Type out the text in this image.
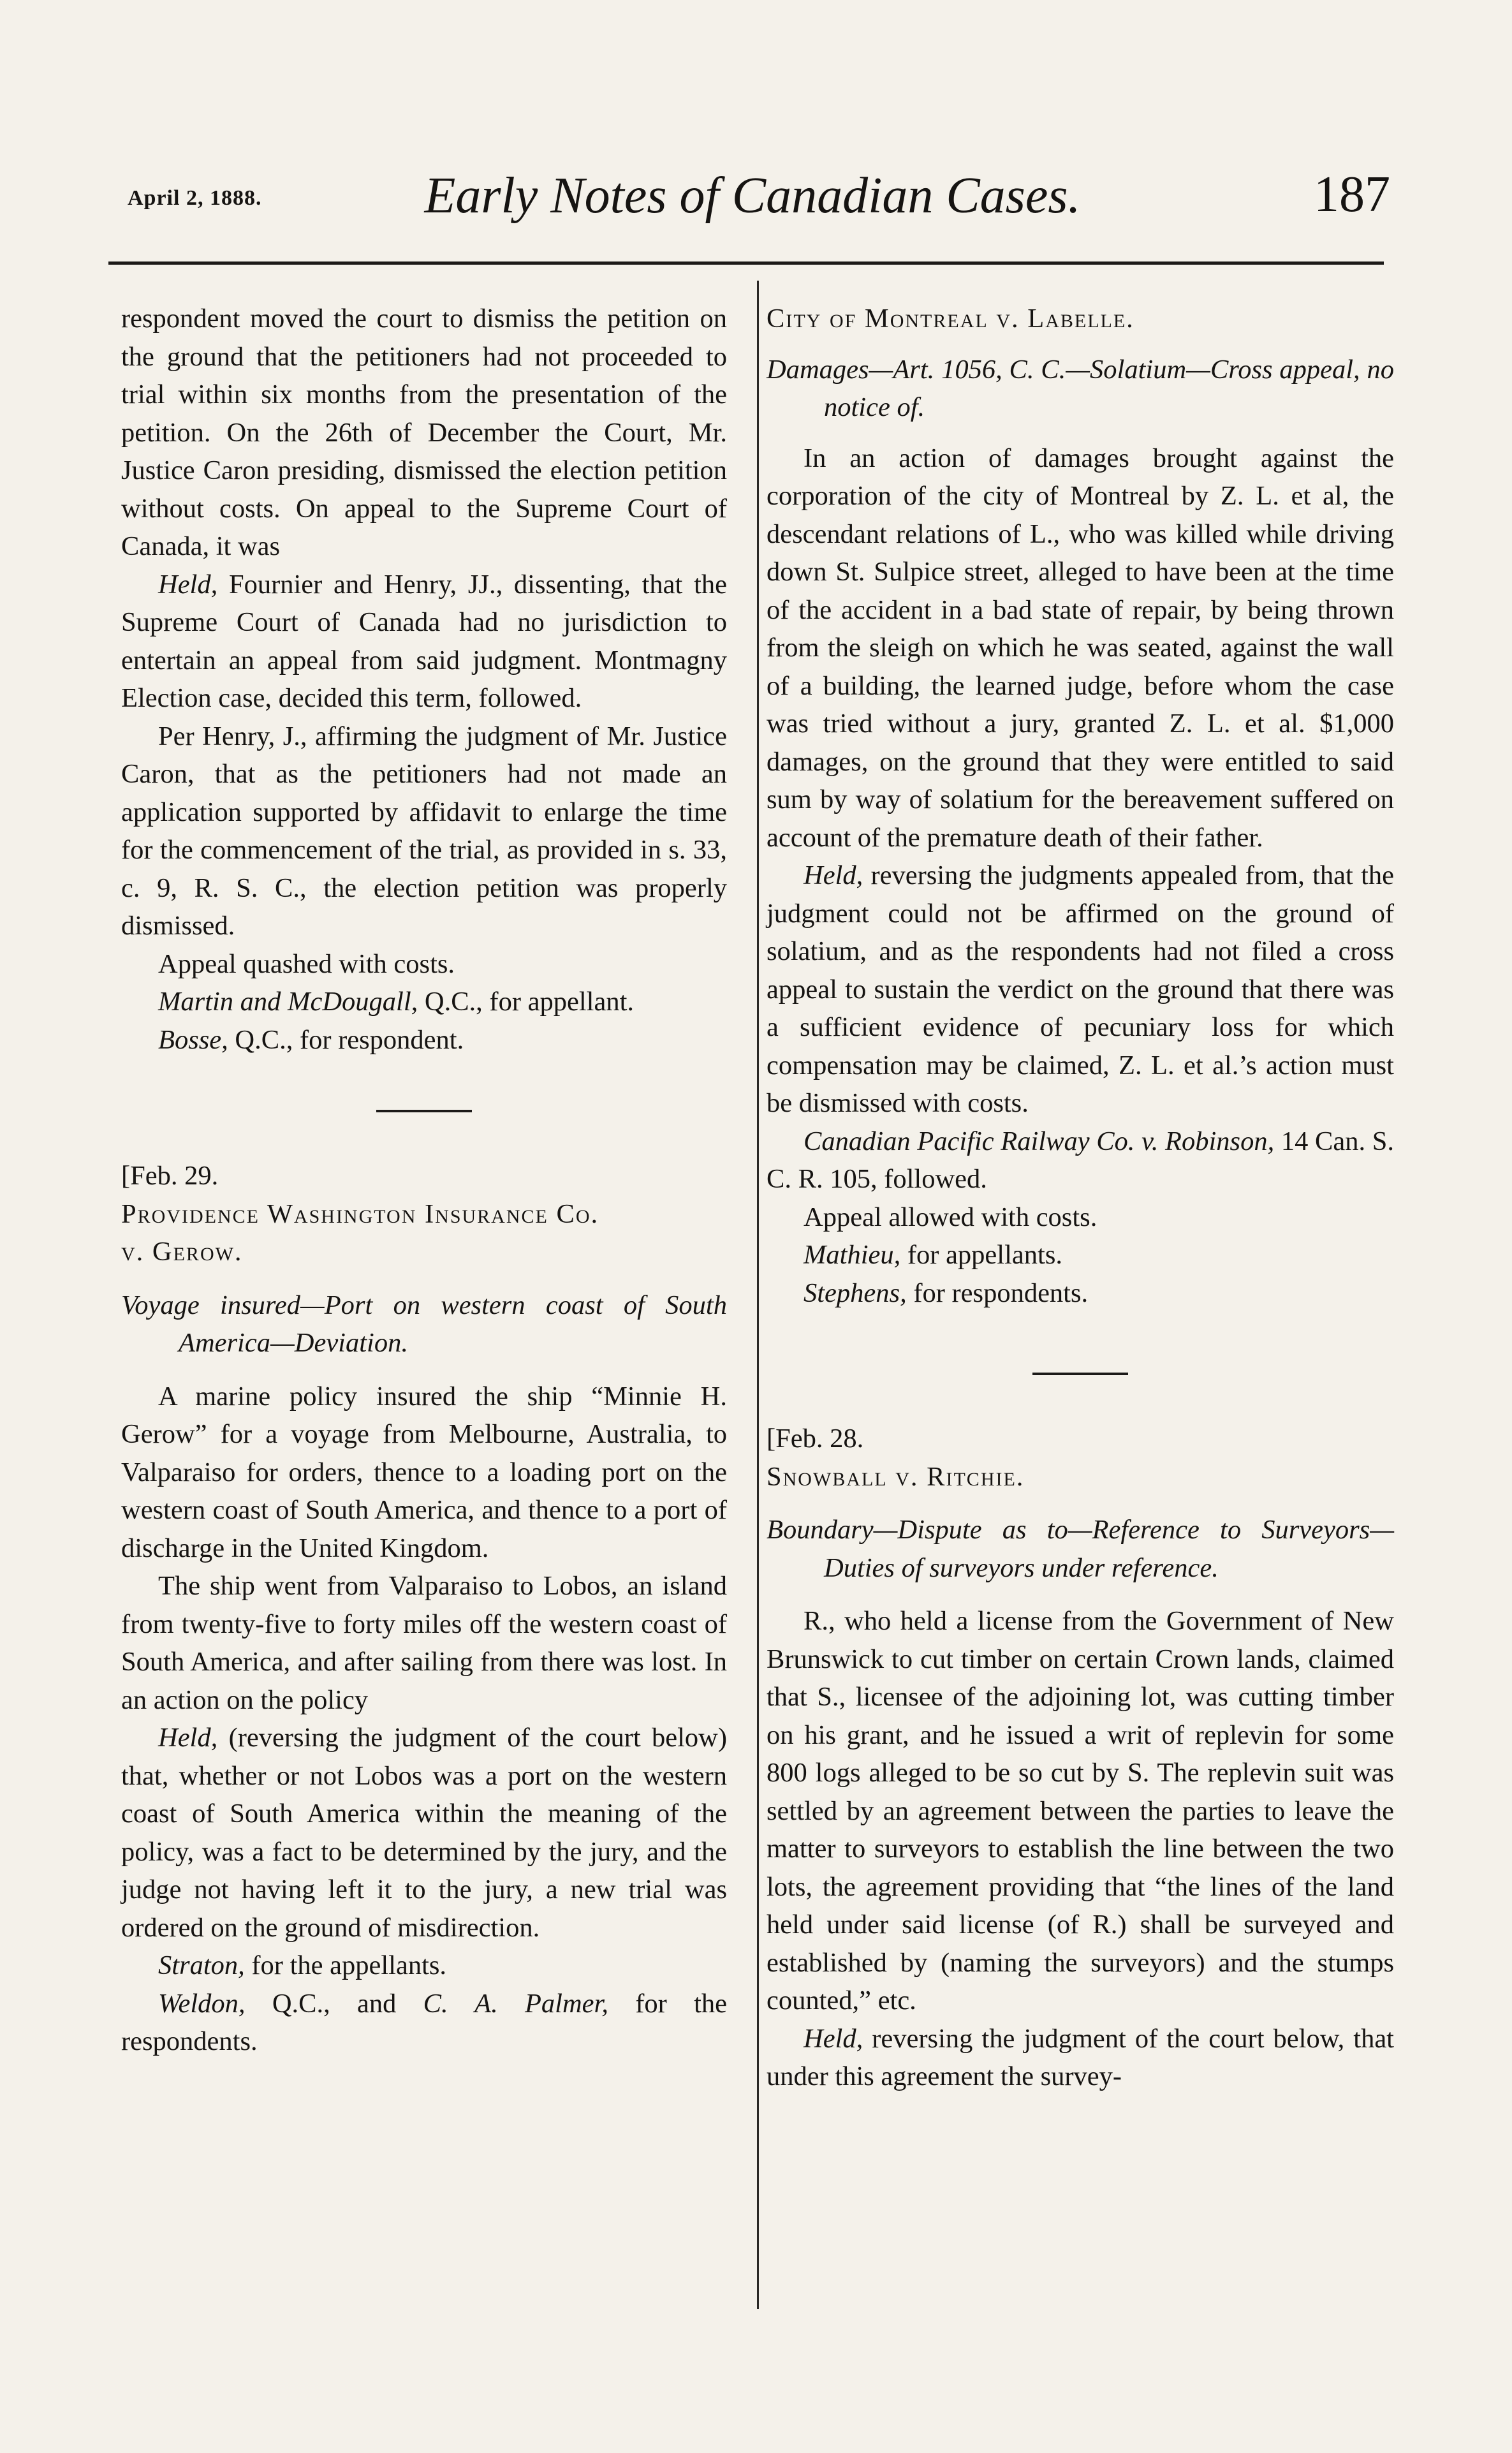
April 2, 1888.	Early Notes of Canadian Cases.	187

respondent moved the court to dismiss the petition on the ground that the petitioners had not proceeded to trial within six months from the presentation of the petition. On the 26th of December the Court, Mr. Justice Caron presiding, dismissed the election petition without costs. On appeal to the Supreme Court of Canada, it was

Held, Fournier and Henry, JJ., dissenting, that the Supreme Court of Canada had no jurisdiction to entertain an appeal from said judgment. Montmagny Election case, decided this term, followed.

Per Henry, J., affirming the judgment of Mr. Justice Caron, that as the petitioners had not made an application supported by affidavit to enlarge the time for the commencement of the trial, as provided in s. 33, c. 9, R. S. C., the election petition was properly dismissed.

Appeal quashed with costs.

Martin and McDougall, Q.C., for appellant.

Bosse, Q.C., for respondent.

[Feb. 29.

Providence Washington Insurance Co.

v. Gerow.

Voyage insured—Port on western coast of South America—Deviation.

A marine policy insured the ship “Minnie H. Gerow” for a voyage from Melbourne, Australia, to Valparaiso for orders, thence to a loading port on the western coast of South America, and thence to a port of discharge in the United Kingdom.

The ship went from Valparaiso to Lobos, an island from twenty-five to forty miles off the western coast of South America, and after sailing from there was lost. In an action on the policy

Held, (reversing the judgment of the court below) that, whether or not Lobos was a port on the western coast of South America within the meaning of the policy, was a fact to be determined by the jury, and the judge not having left it to the jury, a new trial was ordered on the ground of misdirection.

Straton, for the appellants.

Weldon, Q.C., and C. A. Palmer, for the respondents.

City of Montreal v. Labelle.

Damages—Art. 1056, C. C.—Solatium—Cross appeal, no notice of.

In an action of damages brought against the corporation of the city of Montreal by Z. L. et al, the descendant relations of L., who was killed while driving down St. Sulpice street, alleged to have been at the time of the accident in a bad state of repair, by being thrown from the sleigh on which he was seated, against the wall of a building, the learned judge, before whom the case was tried without a jury, granted Z. L. et al. $1,000 damages, on the ground that they were entitled to said sum by way of solatium for the bereavement suffered on account of the premature death of their father.

Held, reversing the judgments appealed from, that the judgment could not be affirmed on the ground of solatium, and as the respondents had not filed a cross appeal to sustain the verdict on the ground that there was a sufficient evidence of pecuniary loss for which compensation may be claimed, Z. L. et al.’s action must be dismissed with costs.

Canadian Pacific Railway Co. v. Robinson, 14 Can. S. C. R. 105, followed.

Appeal allowed with costs.

Mathieu, for appellants.

Stephens, for respondents.

[Feb. 28.

Snowball v. Ritchie.

Boundary—Dispute as to—Reference to Surveyors—Duties of surveyors under reference.

R., who held a license from the Government of New Brunswick to cut timber on certain Crown lands, claimed that S., licensee of the adjoining lot, was cutting timber on his grant, and he issued a writ of replevin for some 800 logs alleged to be so cut by S. The replevin suit was settled by an agreement between the parties to leave the matter to surveyors to establish the line between the two lots, the agreement providing that “the lines of the land held under said license (of R.) shall be surveyed and established by (naming the surveyors) and the stumps counted,” etc.

Held, reversing the judgment of the court below, that under this agreement the survey-
